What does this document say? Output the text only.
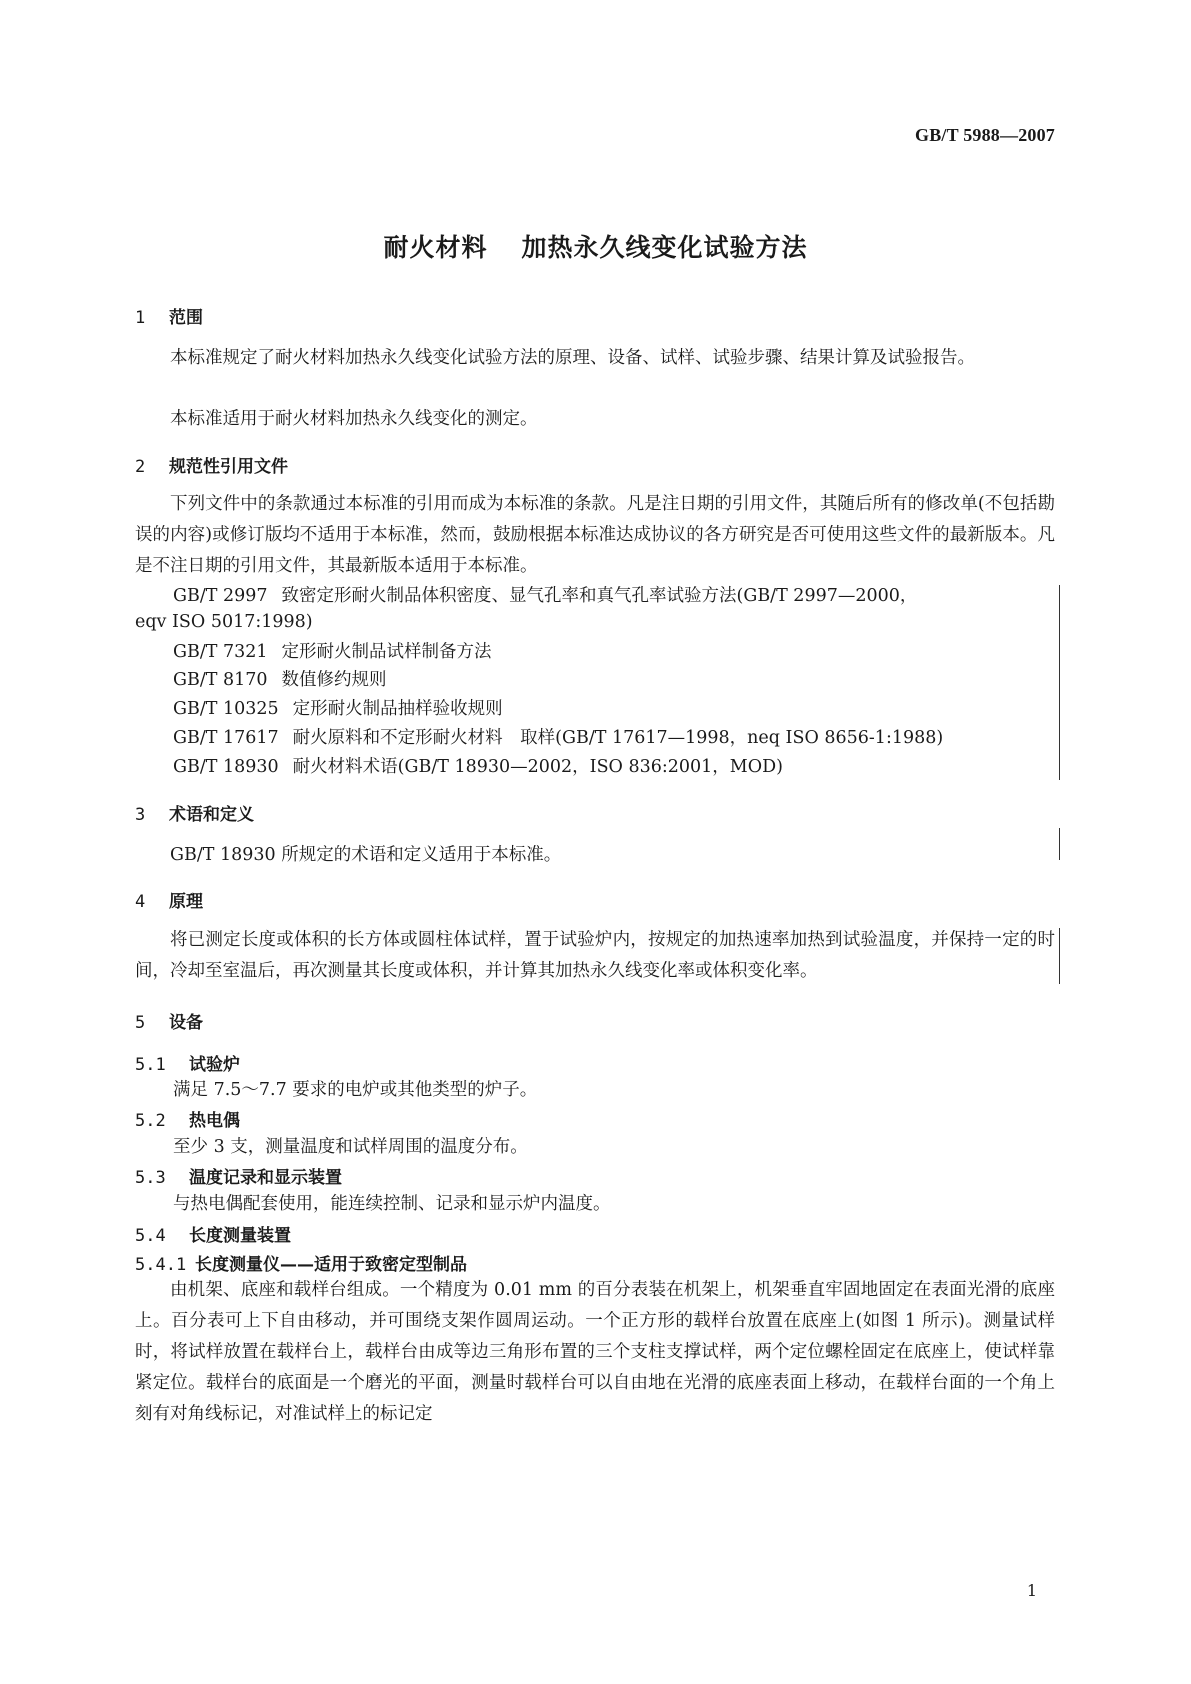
GB/T 5988—2007
耐火材料 加热永久线变化试验方法
1 范围
本标准规定了耐火材料加热永久线变化试验方法的原理、设备、试样、试验步骤、结果计算及试验报告。
本标准适用于耐火材料加热永久线变化的测定。
2 规范性引用文件
下列文件中的条款通过本标准的引用而成为本标准的条款。凡是注日期的引用文件，其随后所有的修改单(不包括勘误的内容)或修订版均不适用于本标准，然而，鼓励根据本标准达成协议的各方研究是否可使用这些文件的最新版本。凡是不注日期的引用文件，其最新版本适用于本标准。
GB/T 2997 致密定形耐火制品体积密度、显气孔率和真气孔率试验方法(GB/T 2997—2000，
eqv ISO 5017:1998)
GB/T 7321 定形耐火制品试样制备方法
GB/T 8170 数值修约规则
GB/T 10325 定形耐火制品抽样验收规则
GB/T 17617 耐火原料和不定形耐火材料　取样(GB/T 17617—1998，neq ISO 8656-1:1988)
GB/T 18930 耐火材料术语(GB/T 18930—2002，ISO 836:2001，MOD)
3 术语和定义
GB/T 18930 所规定的术语和定义适用于本标准。
4 原理
将已测定长度或体积的长方体或圆柱体试样，置于试验炉内，按规定的加热速率加热到试验温度，并保持一定的时间，冷却至室温后，再次测量其长度或体积，并计算其加热永久线变化率或体积变化率。
5 设备
5.1 试验炉
满足 7.5～7.7 要求的电炉或其他类型的炉子。
5.2 热电偶
至少 3 支，测量温度和试样周围的温度分布。
5.3 温度记录和显示装置
与热电偶配套使用，能连续控制、记录和显示炉内温度。
5.4 长度测量装置
5.4.1 长度测量仪——适用于致密定型制品
由机架、底座和载样台组成。一个精度为 0.01 mm 的百分表装在机架上，机架垂直牢固地固定在表面光滑的底座上。百分表可上下自由移动，并可围绕支架作圆周运动。一个正方形的载样台放置在底座上(如图 1 所示)。测量试样时，将试样放置在载样台上，载样台由成等边三角形布置的三个支柱支撑试样，两个定位螺栓固定在底座上，使试样靠紧定位。载样台的底面是一个磨光的平面，测量时载样台可以自由地在光滑的底座表面上移动，在载样台面的一个角上刻有对角线标记，对准试样上的标记定
1
